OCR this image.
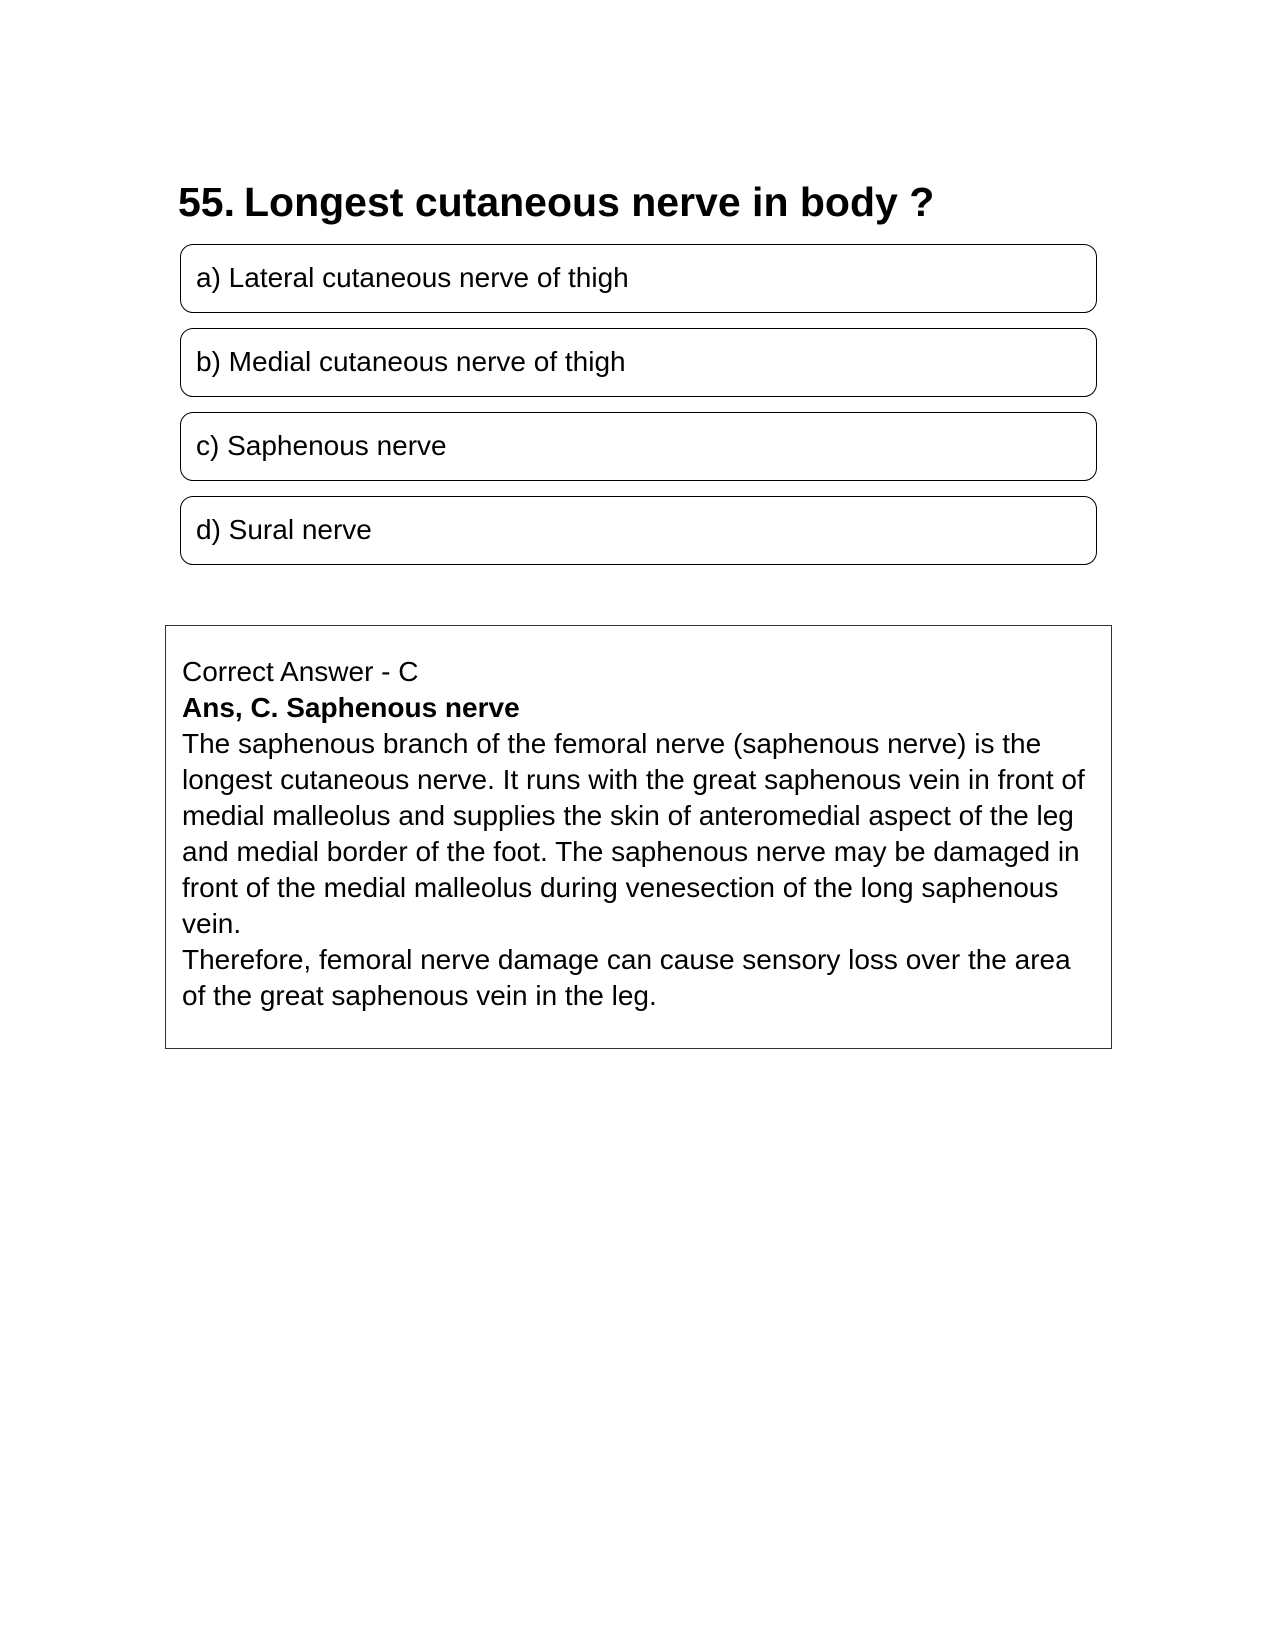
55. Longest cutaneous nerve in body ?
a) Lateral cutaneous nerve of thigh
b) Medial cutaneous nerve of thigh
c) Saphenous nerve
d) Sural nerve

Correct Answer - C

Ans, C. Saphenous nerve

The saphenous branch of the femoral nerve (saphenous nerve) is the longest cutaneous nerve. It runs with the great saphenous vein in front of medial malleolus and supplies the skin of anteromedial aspect of the leg and medial border of the foot. The saphenous nerve may be damaged in front of the medial malleolus during venesection of the long saphenous vein.

Therefore, femoral nerve damage can cause sensory loss over the area of the great saphenous vein in the leg.
